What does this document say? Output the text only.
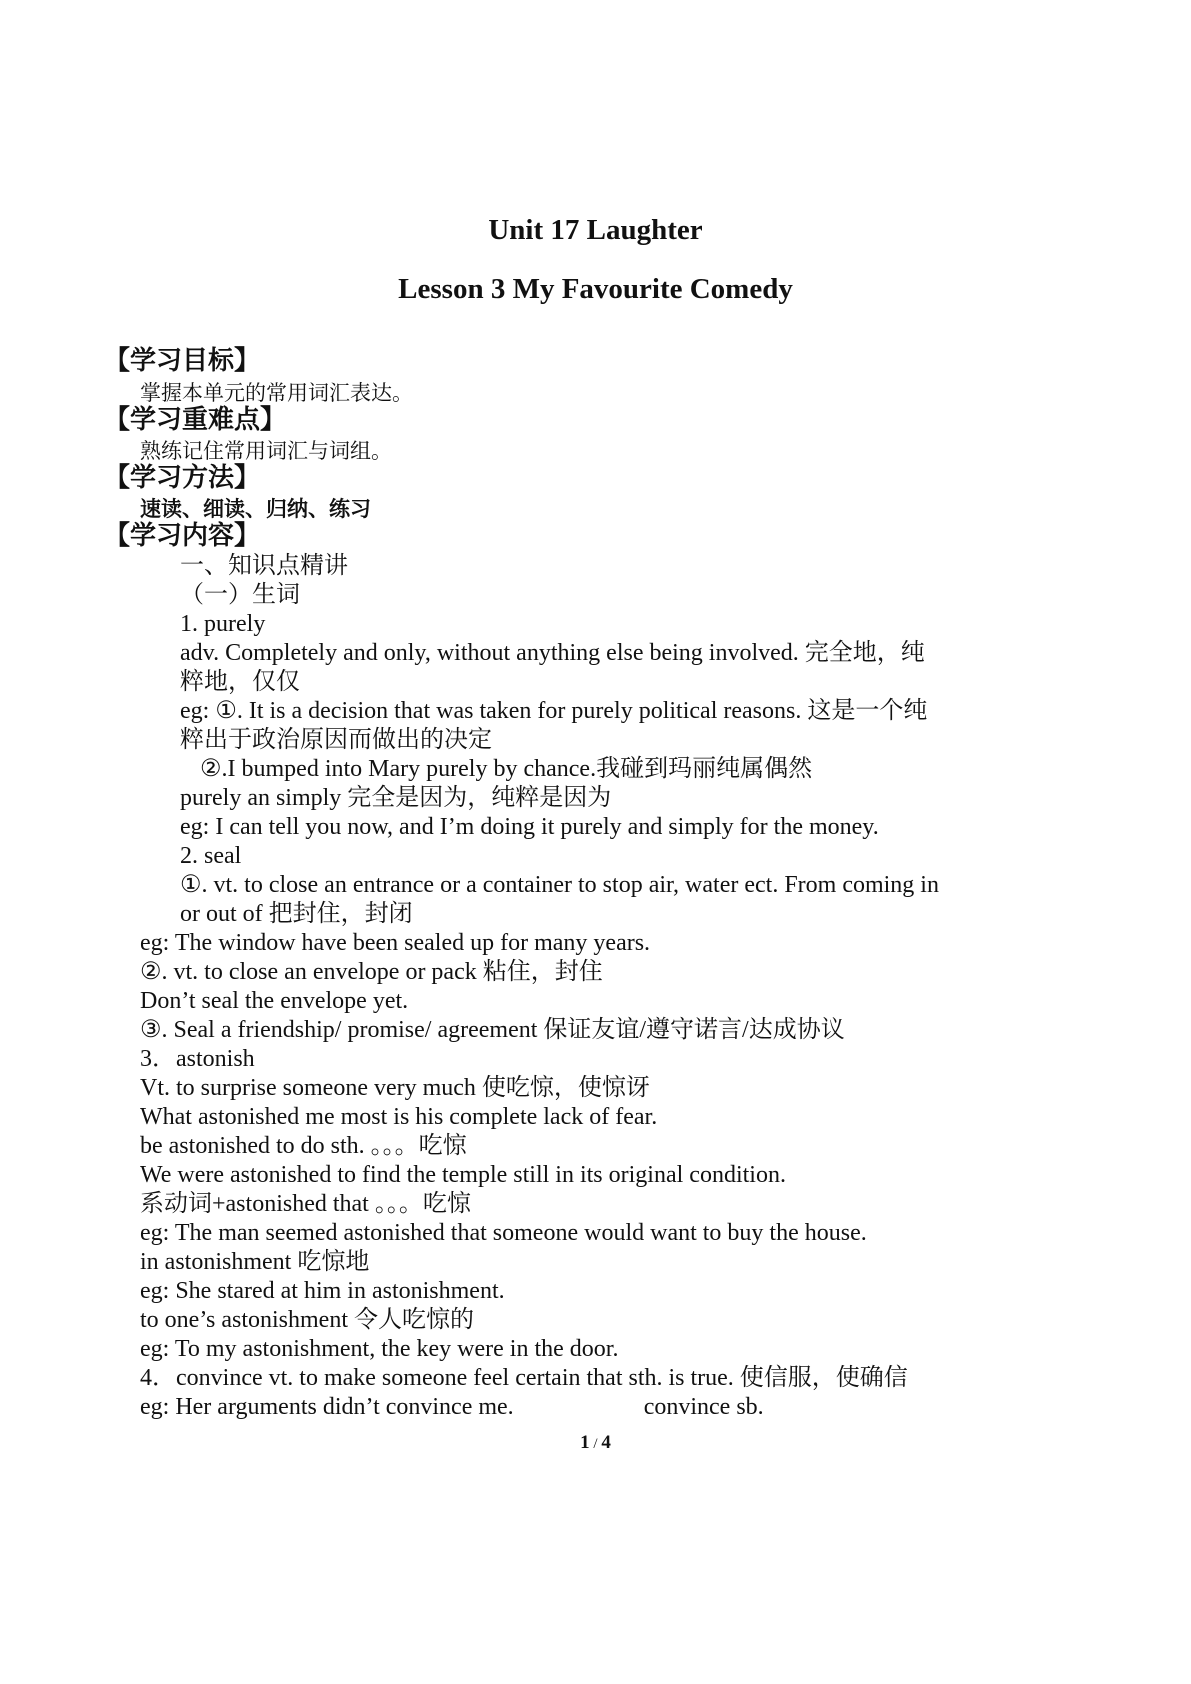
Unit 17 Laughter
Lesson 3 My Favourite Comedy
【学习目标】
掌握本单元的常用词汇表达。
【学习重难点】
熟练记住常用词汇与词组。
【学习方法】
速读、细读、归纳、练习
【学习内容】
一、知识点精讲
（一）生词
1. purely
adv. Completely and only, without anything else being involved. 完全地，纯
粹地，仅仅
eg: ①. It is a decision that was taken for purely political reasons. 这是一个纯
粹出于政治原因而做出的决定
②.I bumped into Mary purely by chance.我碰到玛丽纯属偶然
purely an simply 完全是因为，纯粹是因为
eg: I can tell you now, and I’m doing it purely and simply for the money.
2. seal
①. vt. to close an entrance or a container to stop air, water ect. From coming in
or out of 把封住，封闭
eg: The window have been sealed up for many years.
②. vt. to close an envelope or pack 粘住，封住
Don’t seal the envelope yet.
③. Seal a friendship/ promise/ agreement 保证友谊/遵守诺言/达成协议
3．astonish
Vt. to surprise someone very much 使吃惊，使惊讶
What astonished me most is his complete lack of fear.
be astonished to do sth. 。。。吃惊
We were astonished to find the temple still in its original condition.
系动词+astonished that 。。。吃惊
eg: The man seemed astonished that someone would want to buy the house.
in astonishment 吃惊地
eg: She stared at him in astonishment.
to one’s astonishment 令人吃惊的
eg: To my astonishment, the key were in the door.
4．convince vt. to make someone feel certain that sth. is true. 使信服，使确信
eg: Her arguments didn’t convince me.	convince sb.
1 / 4
